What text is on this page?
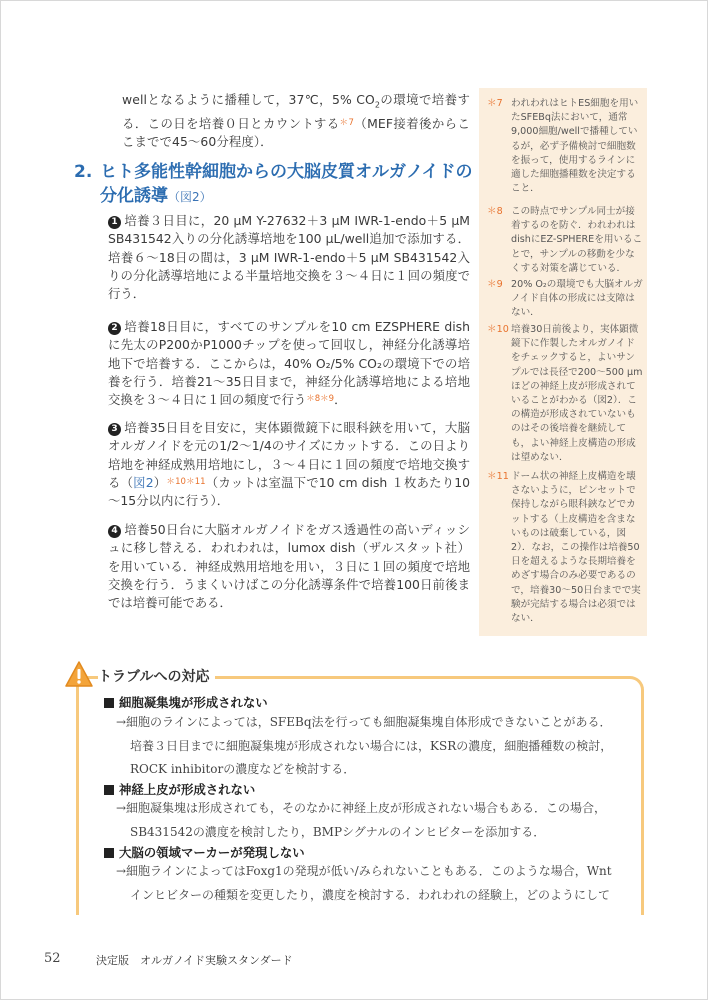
wellとなるように播種して，37℃，5% $CO_2$の環境で培養する．この日を培養０日とカウントする$^{*7}$（MEF接着後からここまでで45～60分程度）．
2. ヒト多能性幹細胞からの大脳皮質オルガノイドの
分化誘導（図2）
1 培養３日目に，20 μM Y-27632＋3 μM IWR-1-endo＋5 μM SB431542入りの分化誘導培地を100 μL/well追加で添加する．培養６～18日の間は，3 μM IWR-1-endo＋5 μM SB431542入りの分化誘導培地による半量培地交換を３～４日に１回の頻度で行う．
2 培養18日目に，すべてのサンプルを10 cm EZSPHERE dishに先太のP200かP1000チップを使って回収し，神経分化誘導培地下で培養する．ここからは，40% O₂/5% CO₂の環境下での培養を行う．培養21～35日目まで，神経分化誘導培地による培地交換を３～４日に１回の頻度で行う$^{*8*9}$．
3 培養35日目を目安に，実体顕微鏡下に眼科鋏を用いて，大脳オルガノイドを元の1/2～1/4のサイズにカットする．この日より培地を神経成熟用培地にし，３～４日に１回の頻度で培地交換する（図2）$^{*10*11}$（カットは室温下で10 cm dish １枚あたり10～15分以内に行う）．
4 培養50日台に大脳オルガノイドをガス透過性の高いディッシュに移し替える．われわれは，lumox dish（ザルスタット社）を用いている．神経成熟用培地を用い，３日に１回の頻度で培地交換を行う．うまくいけばこの分化誘導条件で培養100日前後までは培養可能である．
＊7 われわれはヒトES細胞を用いたSFEBq法において，通常9,000細胞/wellで播種しているが，必ず予備検討で細胞数を振って，使用するラインに適した細胞播種数を決定すること．
＊8 この時点でサンプル同士が接着するのを防ぐ．われわれはdishにEZ-SPHEREを用いることで，サンプルの移動を少なくする対策を講じている．
＊9 20% O₂の環境でも大脳オルガノイド自体の形成には支障はない．
＊10 培養30日前後より，実体顕微鏡下に作製したオルガノイドをチェックすると，よいサンプルでは長径で200～500 μmほどの神経上皮が形成されていることがわかる（図2）．この構造が形成されていないものはその後培養を継続しても，よい神経上皮構造の形成は望めない．
＊11 ドーム状の神経上皮構造を壊さないように，ピンセットで保持しながら眼科鋏などでカットする（上皮構造を含まないものは破棄している，図2）．なお，この操作は培養50日を超えるような長期培養をめざす場合のみ必要であるので，培養30～50日台までで実験が完結する場合は必須ではない．
トラブルへの対応
細胞凝集塊が形成されない
→細胞のラインによっては，SFEBq法を行っても細胞凝集塊自体形成できないことがある．
培養３日目までに細胞凝集塊が形成されない場合には，KSRの濃度，細胞播種数の検討，
ROCK inhibitorの濃度などを検討する．
神経上皮が形成されない
→細胞凝集塊は形成されても，そのなかに神経上皮が形成されない場合もある．この場合，
SB431542の濃度を検討したり，BMPシグナルのインヒビターを添加する．
大脳の領域マーカーが発現しない
→細胞ラインによってはFoxg1の発現が低い/みられないこともある．このような場合，Wnt
インヒビターの種類を変更したり，濃度を検討する．われわれの経験上，どのようにして
52	決定版　オルガノイド実験スタンダード
